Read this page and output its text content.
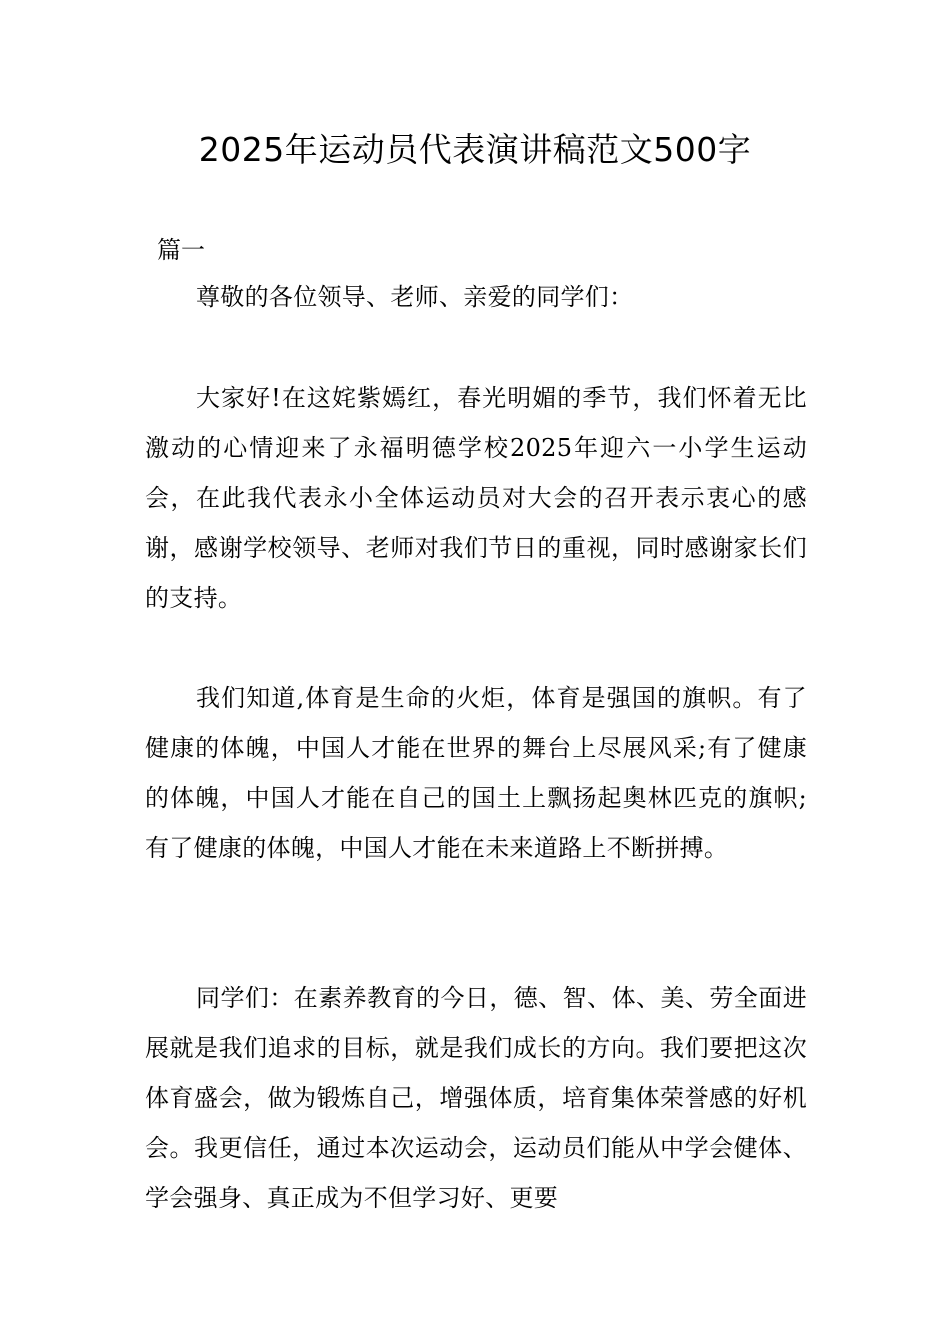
2025年运动员代表演讲稿范文500字

篇一

尊敬的各位领导、老师、亲爱的同学们：

大家好!在这姹紫嫣红，春光明媚的季节，我们怀着无比激动的心情迎来了永福明德学校2025年迎六一小学生运动会，在此我代表永小全体运动员对大会的召开表示衷心的感谢，感谢学校领导、老师对我们节日的重视，同时感谢家长们的支持。

我们知道,体育是生命的火炬，体育是强国的旗帜。有了健康的体魄，中国人才能在世界的舞台上尽展风采;有了健康的体魄，中国人才能在自己的国土上飘扬起奥林匹克的旗帜;有了健康的体魄，中国人才能在未来道路上不断拼搏。

同学们：在素养教育的今日，德、智、体、美、劳全面进展就是我们追求的目标，就是我们成长的方向。我们要把这次体育盛会，做为锻炼自己，增强体质，培育集体荣誉感的好机会。我更信任，通过本次运动会，运动员们能从中学会健体、学会强身、真正成为不但学习好、更要
